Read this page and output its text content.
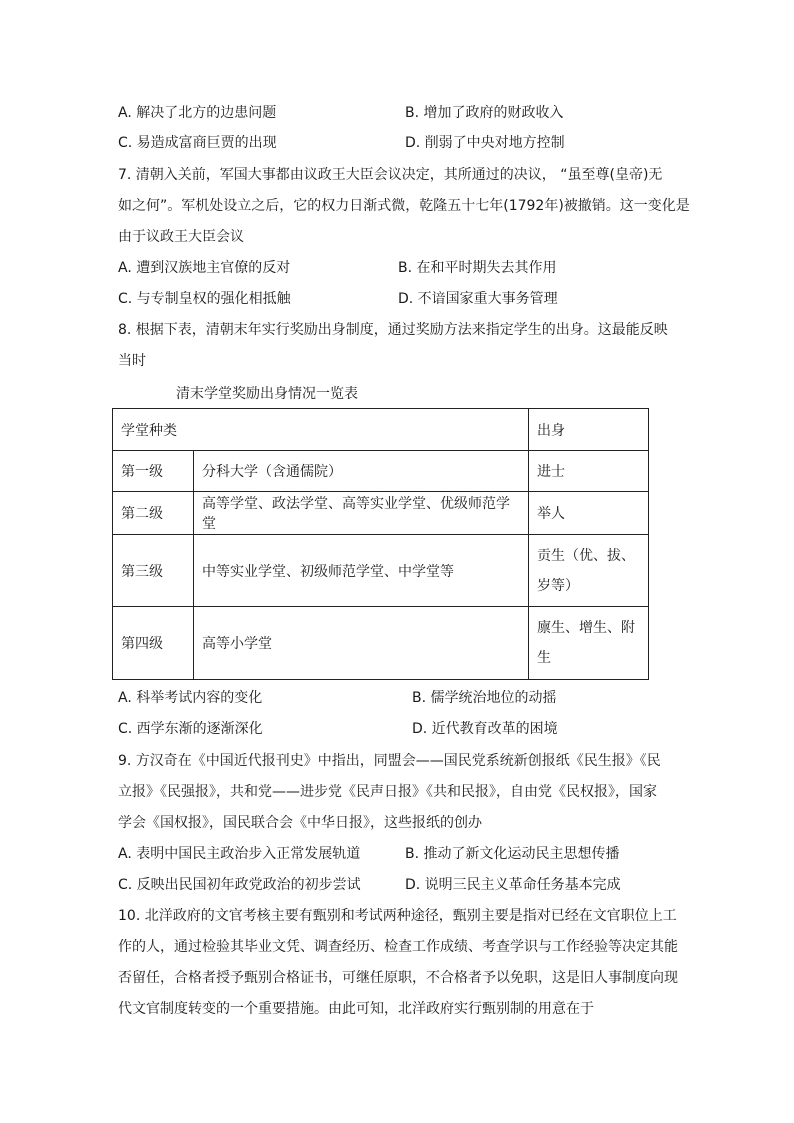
A. 解决了北方的边患问题	B. 增加了政府的财政收入
C. 易造成富商巨贾的出现	D. 削弱了中央对地方控制
7. 清朝入关前，军国大事都由议政王大臣会议决定，其所通过的决议， “虽至尊(皇帝)无
如之何”。军机处设立之后，它的权力日渐式微，乾隆五十七年(1792年)被撤销。这一变化是
由于议政王大臣会议
A. 遭到汉族地主官僚的反对	B. 在和平时期失去其作用
C. 与专制皇权的强化相抵触	D. 不谙国家重大事务管理
8. 根据下表，清朝末年实行奖励出身制度，通过奖励方法来指定学生的出身。这最能反映
当时
清末学堂奖励出身情况一览表
学堂种类		出身
第一级	分科大学（含通儒院）	进士
第二级	高等学堂、政法学堂、高等实业学堂、优级师范学堂	举人
第三级	中等实业学堂、初级师范学堂、中学堂等	贡生（优、拔、岁等）
第四级	高等小学堂	廪生、增生、附生
A. 科举考试内容的变化	B. 儒学统治地位的动摇
C. 西学东渐的逐渐深化	D. 近代教育改革的困境
9. 方汉奇在《中国近代报刊史》中指出，同盟会——国民党系统新创报纸《民生报》《民
立报》《民强报》，共和党——进步党《民声日报》《共和民报》，自由党《民权报》，国家
学会《国权报》，国民联合会《中华日报》，这些报纸的创办
A. 表明中国民主政治步入正常发展轨道	B. 推动了新文化运动民主思想传播
C. 反映出民国初年政党政治的初步尝试	D. 说明三民主义革命任务基本完成
10. 北洋政府的文官考核主要有甄别和考试两种途径，甄别主要是指对已经在文官职位上工
作的人，通过检验其毕业文凭、调查经历、检查工作成绩、考查学识与工作经验等决定其能
否留任，合格者授予甄别合格证书，可继任原职，不合格者予以免职，这是旧人事制度向现
代文官制度转变的一个重要措施。由此可知，北洋政府实行甄别制的用意在于
